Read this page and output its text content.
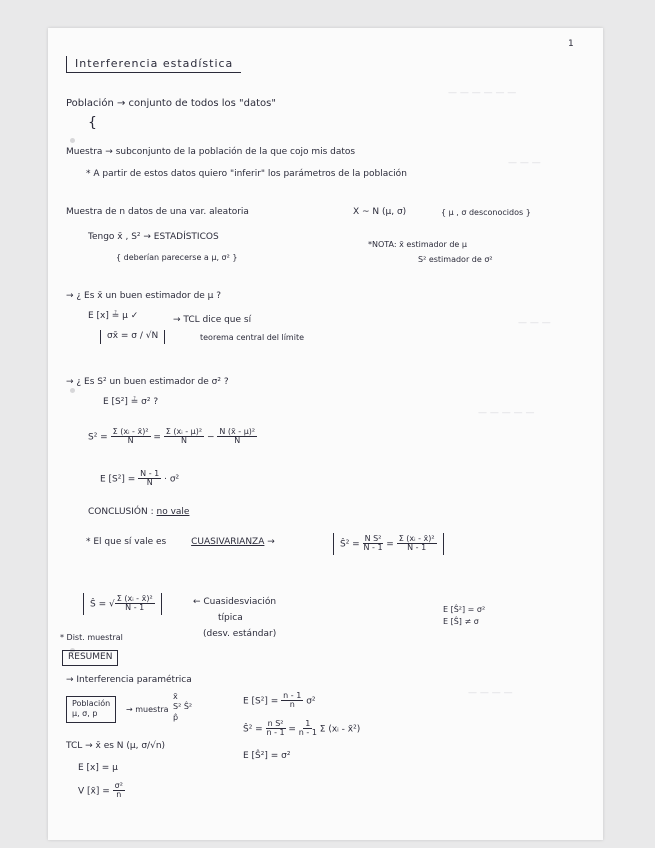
— — — — — —
— — —
— — —
— — — — —
— — — —
1
Interferencia estadística
Población → conjunto de todos los "datos"
{
Muestra → subconjunto de la población de la que cojo mis datos
* A partir de estos datos quiero "inferir" los parámetros de la población
Muestra de n datos de una var. aleatoria	X ~ N (μ, σ)	{ μ , σ desconocidos }
Tengo x̄ , S² → ESTADÍSTICOS
{ deberían parecerse a μ, σ² }
*NOTA: x̄ estimador de μ
S² estimador de σ²
→ ¿ Es x̄ un buen estimador de μ ?
E [x] ≟ μ ✓	→ TCL dice que sí
teorema central del límite
σx̄ = σ / √N
→ ¿ Es S² un buen estimador de σ² ?
E [S²] ≟ σ² ?
$S^2 = \frac{\text{Σ (xᵢ - x̄)²}}{N} = \frac{\text{Σ (xᵢ - μ)²}}{N} - \frac{\text{N (x̄ - μ)²}}{N}$
E $[S^2] = \frac{N - 1}{N} \cdot \sigma^2$
CONCLUSIÓN : no vale
* El que sí vale es	CUASIVARIANZA →	Ŝ² = $\frac{\text{N S²}}{N - 1} = \frac{\text{Σ (xᵢ - x̄)²}}{N - 1}$
Ŝ = √ $\frac{\text{Σ (xᵢ - x̄)²}}{N - 1}$	← Cuasidesviación
típica
(desv. estándar)
E [Ŝ²] = σ²
E [Ŝ] ≠ σ
* Dist. muestral
RESUMEN
→ Interferencia paramétrica
Población
μ, σ, p	→ muestra
x̄
S² Ŝ²
p̂
E $[S^2] = \frac{n - 1}{n} \sigma^2$
Ŝ² = $\frac{\text{n S²}}{n - 1} = \frac{1}{n - 1}$ Σ (xᵢ - x̄²)
E [Ŝ²] = σ²
TCL → x̄ es N (μ, σ/√n)
E [x] = μ
V [x̄] = $\frac{\text{σ²}}{n}$
